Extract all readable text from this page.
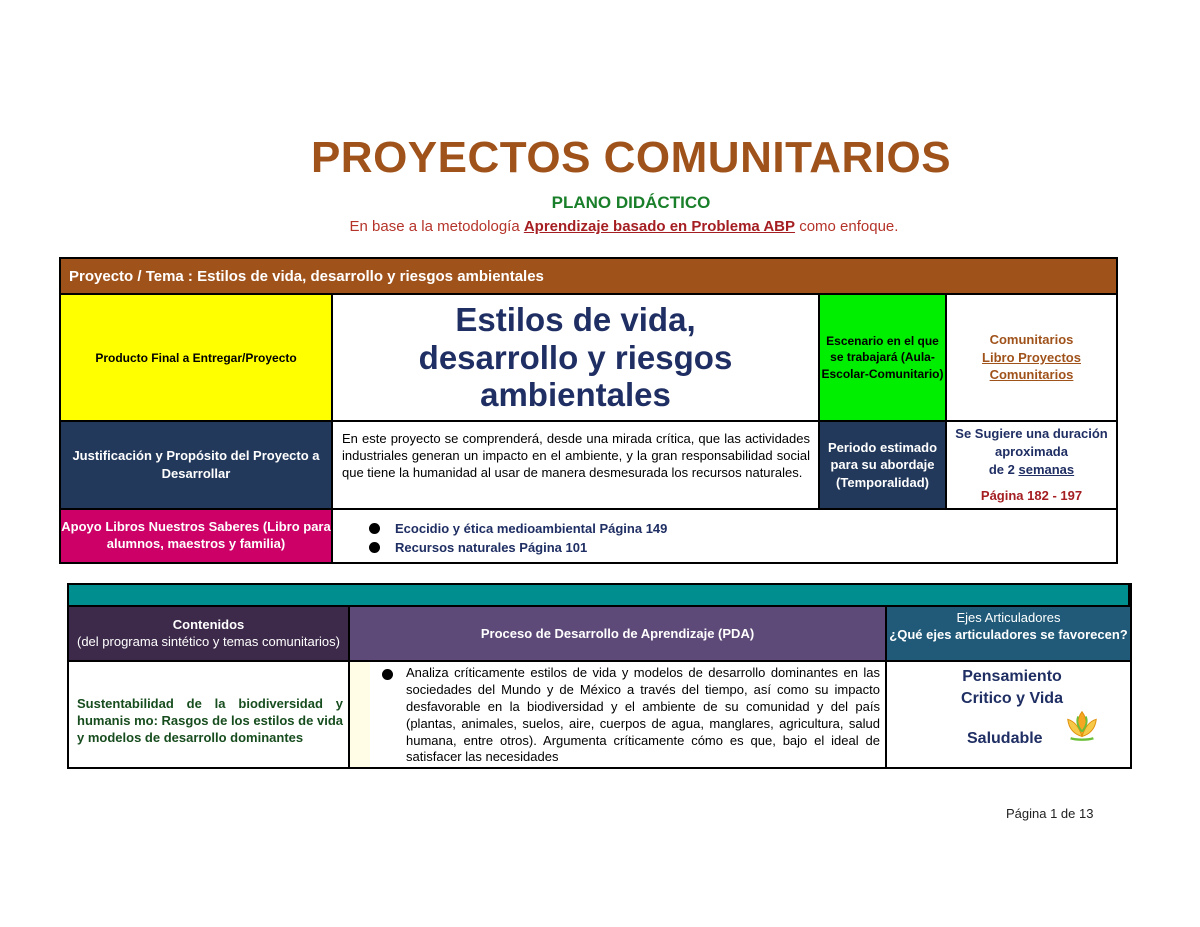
PROYECTOS COMUNITARIOS
PLANO DIDÁCTICO
En base a la metodología Aprendizaje basado en Problema ABP como enfoque.
Proyecto / Tema : Estilos de vida, desarrollo y riesgos ambientales
Producto Final a Entregar/Proyecto
Estilos de vida,
desarrollo y riesgos
ambientales
Escenario en el que se trabajará (Aula-Escolar-Comunitario)
Comunitarios
Libro Proyectos
Comunitarios
Justificación y Propósito del Proyecto a Desarrollar
En este proyecto se comprenderá, desde una mirada crítica, que las actividades industriales generan un impacto en el ambiente, y la gran responsabilidad social que tiene la humanidad al usar de manera desmesurada los recursos naturales.
Periodo estimado para su abordaje (Temporalidad)
Se Sugiere una duración aproximada
de 2 semanas
Página 182 - 197
Apoyo Libros Nuestros Saberes (Libro para alumnos, maestros y familia)
Ecocidio y ética medioambiental Página 149
Recursos naturales Página 101
Contenidos
(del programa sintético y temas comunitarios)	Proceso de Desarrollo de Aprendizaje (PDA)
Ejes Articuladores
¿Qué ejes articuladores se favorecen?
Sustentabilidad de la biodiversidad y humanis mo: Rasgos de los estilos de vida y modelos de desarrollo dominantes
Analiza críticamente estilos de vida y modelos de desarrollo dominantes en las sociedades del Mundo y de México a través del tiempo, así como su impacto desfavorable en la biodiversidad y el ambiente de su comunidad y del país (plantas, animales, suelos, aire, cuerpos de agua, manglares, agricultura, salud humana, entre otros). Argumenta críticamente cómo es que, bajo el ideal de satisfacer las necesidades
Pensamiento
Critico y Vida
Saludable
Página 1 de 13
